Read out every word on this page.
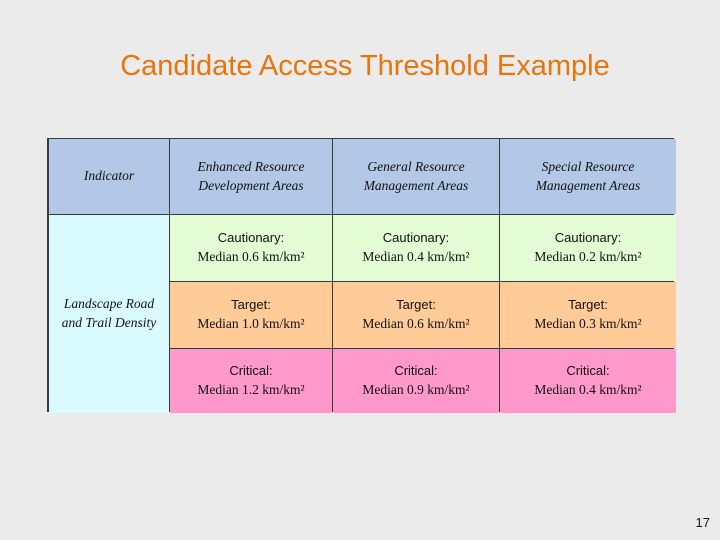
Candidate Access Threshold Example
Indicator
Enhanced Resource
Development Areas
General Resource
Management Areas
Special Resource
Management Areas
Landscape Road
and Trail Density
Cautionary:
Median 0.6 km/km²
Cautionary:
Median 0.4 km/km²
Cautionary:
Median 0.2 km/km²
Target:
Median 1.0 km/km²
Target:
Median 0.6 km/km²
Target:
Median 0.3 km/km²
Critical:
Median 1.2 km/km²
Critical:
Median 0.9 km/km²
Critical:
Median 0.4 km/km²
17
